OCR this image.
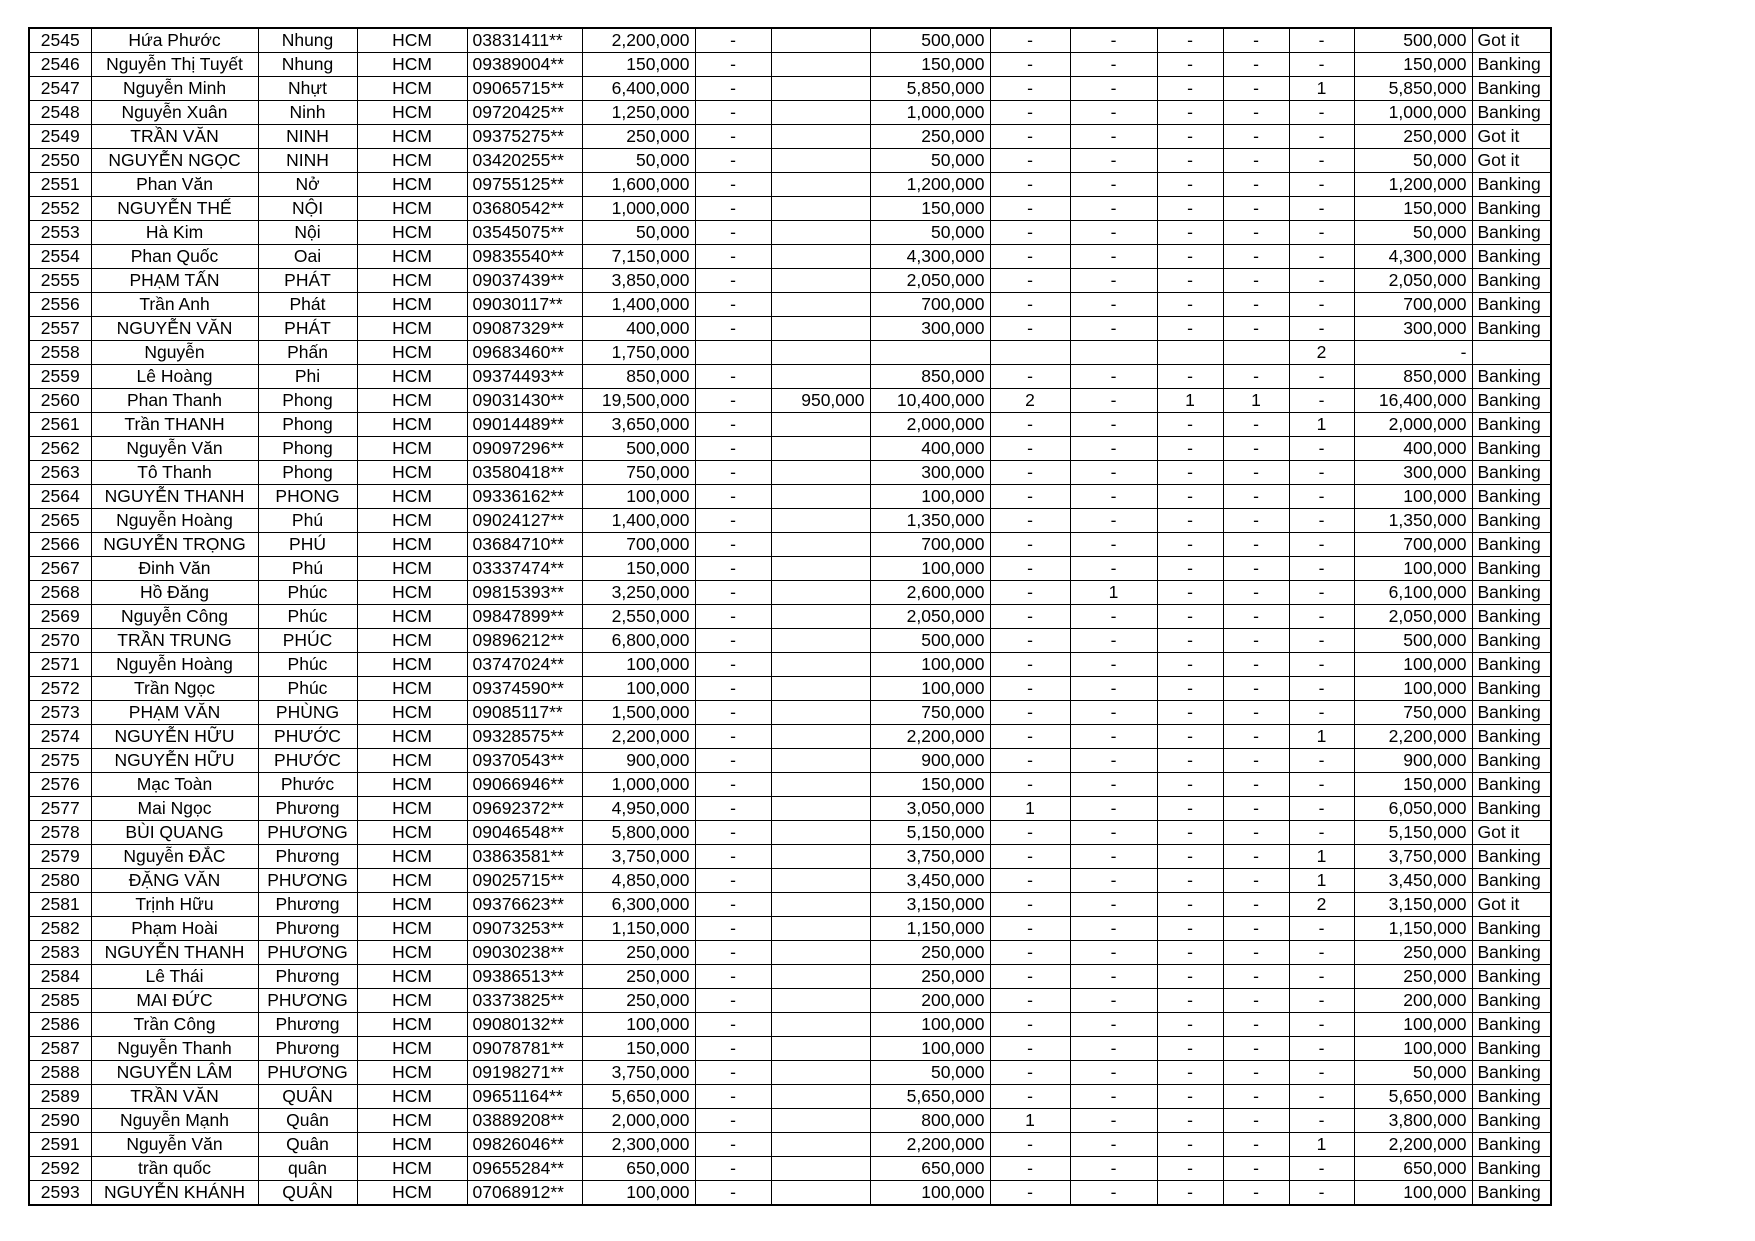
2545	Hứa Phước	Nhung	HCM	03831411**	2,200,000	-		500,000	-	-	-	-	-	500,000	Got it
2546	Nguyễn Thị Tuyết	Nhung	HCM	09389004**	150,000	-		150,000	-	-	-	-	-	150,000	Banking
2547	Nguyễn Minh	Nhựt	HCM	09065715**	6,400,000	-		5,850,000	-	-	-	-	1	5,850,000	Banking
2548	Nguyễn Xuân	Ninh	HCM	09720425**	1,250,000	-		1,000,000	-	-	-	-	-	1,000,000	Banking
2549	TRẦN VĂN	NINH	HCM	09375275**	250,000	-		250,000	-	-	-	-	-	250,000	Got it
2550	NGUYỄN NGỌC	NINH	HCM	03420255**	50,000	-		50,000	-	-	-	-	-	50,000	Got it
2551	Phan Văn	Nở	HCM	09755125**	1,600,000	-		1,200,000	-	-	-	-	-	1,200,000	Banking
2552	NGUYỄN THẾ	NỘI	HCM	03680542**	1,000,000	-		150,000	-	-	-	-	-	150,000	Banking
2553	Hà Kim	Nội	HCM	03545075**	50,000	-		50,000	-	-	-	-	-	50,000	Banking
2554	Phan Quốc	Oai	HCM	09835540**	7,150,000	-		4,300,000	-	-	-	-	-	4,300,000	Banking
2555	PHẠM TẤN	PHÁT	HCM	09037439**	3,850,000	-		2,050,000	-	-	-	-	-	2,050,000	Banking
2556	Trần Anh	Phát	HCM	09030117**	1,400,000	-		700,000	-	-	-	-	-	700,000	Banking
2557	NGUYỄN VĂN	PHÁT	HCM	09087329**	400,000	-		300,000	-	-	-	-	-	300,000	Banking
2558	Nguyễn	Phấn	HCM	09683460**	1,750,000								2	-	
2559	Lê Hoàng	Phi	HCM	09374493**	850,000	-		850,000	-	-	-	-	-	850,000	Banking
2560	Phan Thanh	Phong	HCM	09031430**	19,500,000	-	950,000	10,400,000	2	-	1	1	-	16,400,000	Banking
2561	Trần THANH	Phong	HCM	09014489**	3,650,000	-		2,000,000	-	-	-	-	1	2,000,000	Banking
2562	Nguyễn Văn	Phong	HCM	09097296**	500,000	-		400,000	-	-	-	-	-	400,000	Banking
2563	Tô Thanh	Phong	HCM	03580418**	750,000	-		300,000	-	-	-	-	-	300,000	Banking
2564	NGUYỄN THANH	PHONG	HCM	09336162**	100,000	-		100,000	-	-	-	-	-	100,000	Banking
2565	Nguyễn Hoàng	Phú	HCM	09024127**	1,400,000	-		1,350,000	-	-	-	-	-	1,350,000	Banking
2566	NGUYỄN TRỌNG	PHÚ	HCM	03684710**	700,000	-		700,000	-	-	-	-	-	700,000	Banking
2567	Đinh Văn	Phú	HCM	03337474**	150,000	-		100,000	-	-	-	-	-	100,000	Banking
2568	Hồ Đăng	Phúc	HCM	09815393**	3,250,000	-		2,600,000	-	1	-	-	-	6,100,000	Banking
2569	Nguyễn Công	Phúc	HCM	09847899**	2,550,000	-		2,050,000	-	-	-	-	-	2,050,000	Banking
2570	TRẦN TRUNG	PHÚC	HCM	09896212**	6,800,000	-		500,000	-	-	-	-	-	500,000	Banking
2571	Nguyễn Hoàng	Phúc	HCM	03747024**	100,000	-		100,000	-	-	-	-	-	100,000	Banking
2572	Trần Ngọc	Phúc	HCM	09374590**	100,000	-		100,000	-	-	-	-	-	100,000	Banking
2573	PHẠM VĂN	PHÙNG	HCM	09085117**	1,500,000	-		750,000	-	-	-	-	-	750,000	Banking
2574	NGUYỄN HỮU	PHƯỚC	HCM	09328575**	2,200,000	-		2,200,000	-	-	-	-	1	2,200,000	Banking
2575	NGUYỄN HỮU	PHƯỚC	HCM	09370543**	900,000	-		900,000	-	-	-	-	-	900,000	Banking
2576	Mạc Toàn	Phước	HCM	09066946**	1,000,000	-		150,000	-	-	-	-	-	150,000	Banking
2577	Mai Ngọc	Phương	HCM	09692372**	4,950,000	-		3,050,000	1	-	-	-	-	6,050,000	Banking
2578	BÙI QUANG	PHƯƠNG	HCM	09046548**	5,800,000	-		5,150,000	-	-	-	-	-	5,150,000	Got it
2579	Nguyễn ĐẮC	Phương	HCM	03863581**	3,750,000	-		3,750,000	-	-	-	-	1	3,750,000	Banking
2580	ĐẶNG VĂN	PHƯƠNG	HCM	09025715**	4,850,000	-		3,450,000	-	-	-	-	1	3,450,000	Banking
2581	Trịnh Hữu	Phương	HCM	09376623**	6,300,000	-		3,150,000	-	-	-	-	2	3,150,000	Got it
2582	Phạm Hoài	Phương	HCM	09073253**	1,150,000	-		1,150,000	-	-	-	-	-	1,150,000	Banking
2583	NGUYỄN THANH	PHƯƠNG	HCM	09030238**	250,000	-		250,000	-	-	-	-	-	250,000	Banking
2584	Lê Thái	Phương	HCM	09386513**	250,000	-		250,000	-	-	-	-	-	250,000	Banking
2585	MAI ĐỨC	PHƯƠNG	HCM	03373825**	250,000	-		200,000	-	-	-	-	-	200,000	Banking
2586	Trần Công	Phương	HCM	09080132**	100,000	-		100,000	-	-	-	-	-	100,000	Banking
2587	Nguyễn Thanh	Phương	HCM	09078781**	150,000	-		100,000	-	-	-	-	-	100,000	Banking
2588	NGUYỄN LÂM	PHƯƠNG	HCM	09198271**	3,750,000	-		50,000	-	-	-	-	-	50,000	Banking
2589	TRẦN VĂN	QUÂN	HCM	09651164**	5,650,000	-		5,650,000	-	-	-	-	-	5,650,000	Banking
2590	Nguyễn Mạnh	Quân	HCM	03889208**	2,000,000	-		800,000	1	-	-	-	-	3,800,000	Banking
2591	Nguyễn Văn	Quân	HCM	09826046**	2,300,000	-		2,200,000	-	-	-	-	1	2,200,000	Banking
2592	trần quốc	quân	HCM	09655284**	650,000	-		650,000	-	-	-	-	-	650,000	Banking
2593	NGUYỄN KHÁNH	QUÂN	HCM	07068912**	100,000	-		100,000	-	-	-	-	-	100,000	Banking
